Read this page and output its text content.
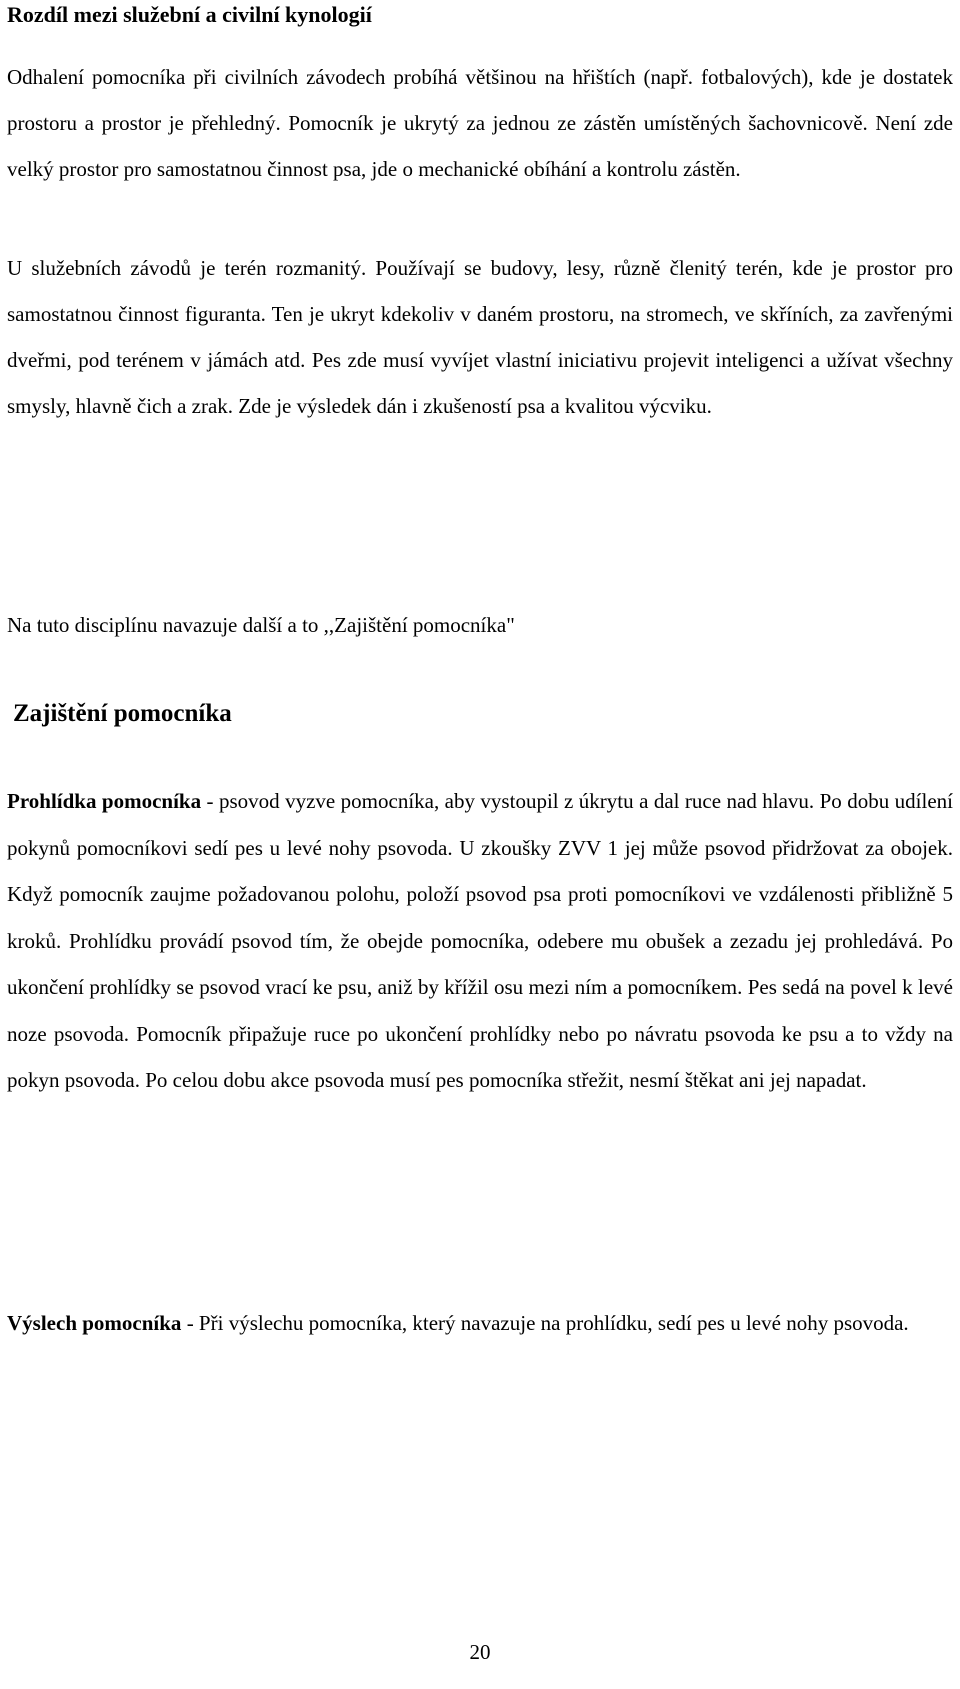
Rozdíl mezi služební a civilní kynologií

Odhalení pomocníka při civilních závodech probíhá většinou na hřištích (např. fotbalových), kde je dostatek prostoru a prostor je přehledný. Pomocník je ukrytý za jednou ze zástěn umístěných šachovnicově. Není zde velký prostor pro samostatnou činnost psa, jde o mechanické obíhání a kontrolu zástěn.

U služebních závodů je terén rozmanitý. Používají se budovy, lesy, různě členitý terén, kde je prostor pro samostatnou činnost figuranta. Ten je ukryt kdekoliv v daném prostoru, na stromech, ve skříních, za zavřenými dveřmi, pod terénem v jámách atd. Pes zde musí vyvíjet vlastní iniciativu projevit inteligenci a užívat všechny smysly, hlavně čich a zrak. Zde je výsledek dán i zkušeností psa a kvalitou výcviku.

Na tuto disciplínu navazuje další a to ,,Zajištění pomocníka"

Zajištění pomocníka

Prohlídka pomocníka - psovod vyzve pomocníka, aby vystoupil z úkrytu a dal ruce nad hlavu. Po dobu udílení pokynů pomocníkovi sedí pes u levé nohy psovoda. U zkoušky ZVV 1 jej může psovod přidržovat za obojek. Když pomocník zaujme požadovanou polohu, položí psovod psa proti pomocníkovi ve vzdálenosti přibližně 5 kroků. Prohlídku provádí psovod tím, že obejde pomocníka, odebere mu obušek a zezadu jej prohledává. Po ukončení prohlídky se psovod vrací ke psu, aniž by křížil osu mezi ním a pomocníkem. Pes sedá na povel k levé noze psovoda. Pomocník připažuje ruce po ukončení prohlídky nebo po návratu psovoda ke psu a to vždy na pokyn psovoda. Po celou dobu akce psovoda musí pes pomocníka střežit, nesmí štěkat ani jej napadat.

Výslech pomocníka - Při výslechu pomocníka, který navazuje na prohlídku, sedí pes u levé nohy psovoda.

20
